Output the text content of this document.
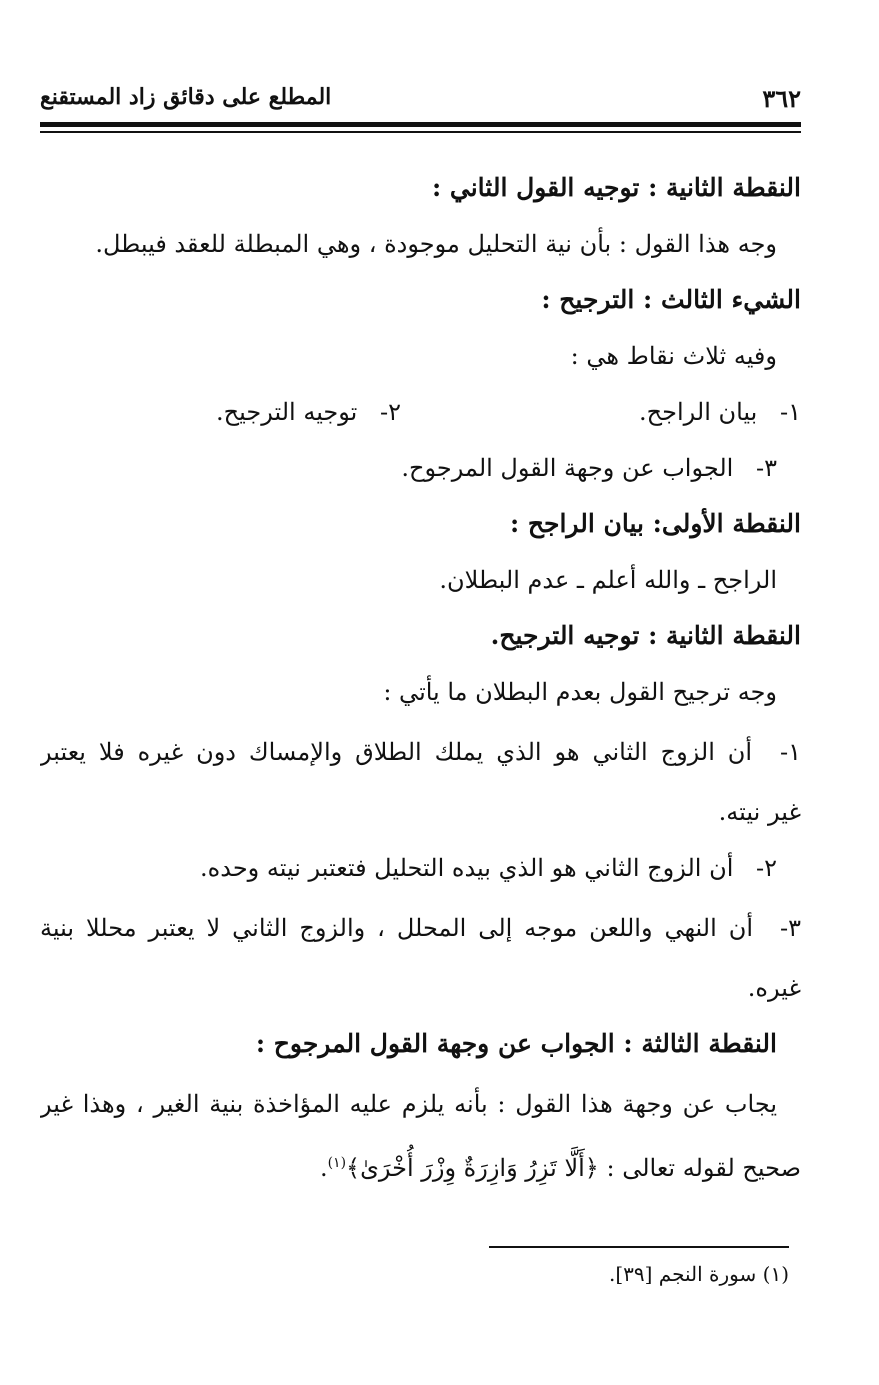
٣٦٢
المطلع على دقائق زاد المستقنع
النقطة الثانية : توجيه القول الثاني :
وجه هذا القول : بأن نية التحليل موجودة ، وهي المبطلة للعقد فيبطل.
الشيء الثالث : الترجيح :
وفيه ثلاث نقاط هي :
١- بيان الراجح.
٢- توجيه الترجيح.
٣- الجواب عن وجهة القول المرجوح.
النقطة الأولى: بيان الراجح :
الراجح ـ والله أعلم ـ عدم البطلان.
النقطة الثانية : توجيه الترجيح.
وجه ترجيح القول بعدم البطلان ما يأتي :
١- أن الزوج الثاني هو الذي يملك الطلاق والإمساك دون غيره فلا يعتبر
غير نيته.
٢- أن الزوج الثاني هو الذي بيده التحليل فتعتبر نيته وحده.
٣- أن النهي واللعن موجه إلى المحلل ، والزوج الثاني لا يعتبر محللا بنية
غيره.
النقطة الثالثة : الجواب عن وجهة القول المرجوح :
يجاب عن وجهة هذا القول : بأنه يلزم عليه المؤاخذة بنية الغير ، وهذا غير
صحيح لقوله تعالى : ﴿أَلَّا تَزِرُ وَازِرَةٌ وِزْرَ أُخْرَىٰ﴾$^{(١)}$.
(١) سورة النجم [٣٩].
